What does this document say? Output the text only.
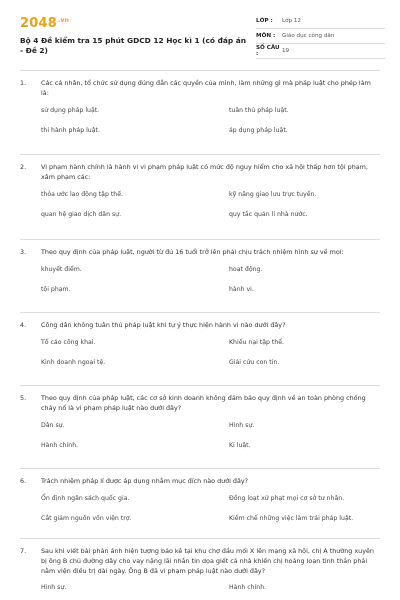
$2048^{.vn}$
Bộ 4 Đề kiểm tra 15 phút GDCD 12 Học kì 1 (có đáp án - Đề 2)
LỚP :	Lớp 12
MÔN :	Giáo dục công dân
SỐ CÂU :	19
1.	Các cá nhân, tổ chức sử dụng đúng đắn các quyền của mình, làm những gì mà pháp luật cho phép làm là:
sử dụng pháp luật.	tuân thủ pháp luật.
thi hành pháp luật.	áp dụng pháp luật.
2.	Vi phạm hành chính là hành vi vi phạm pháp luật có mức độ nguy hiểm cho xã hội thấp hơn tội phạm, xâm phạm các:
thỏa ước lao động tập thể.	kỹ năng giao lưu trực tuyến.
quan hệ giao dịch dân sự.	quy tắc quản lí nhà nước.
3.	Theo quy định của pháp luật, người từ đủ 16 tuổi trở lên phải chịu trách nhiệm hình sự về mọi:
khuyết điểm.	hoạt động.
tội phạm.	hành vi.
4.	Công dân không tuân thủ pháp luật khi tự ý thực hiện hành vi nào dưới đây?
Tố cáo công khai.	Khiếu nại tập thể.
Kinh doanh ngoại tệ.	Giải cứu con tin.
5.	Theo quy định của pháp luật, các cơ sở kinh doanh không đảm bảo quy định về an toàn phòng chống cháy nổ là vi phạm pháp luật nào dưới đây?
Dân sự.	Hình sự.
Hành chính.	Kỉ luật.
6.	Trách nhiệm pháp lí được áp dụng nhằm mục đích nào dưới đây?
Ổn định ngân sách quốc gia.	Đồng loạt xử phạt mọi cơ sở tư nhân.
Cắt giảm nguồn vốn viện trợ.	Kiềm chế những việc làm trái pháp luật.
7.	Sau khi viết bài phản ánh hiện tượng bảo kê tại khu chợ đầu mối X lên mạng xã hội, chị A thường xuyên bị ông B chủ đường dây cho vay nặng lãi nhắn tin dọa giết cả nhà khiến chị hoảng loạn tinh thần phải nằm viện điều trị dài ngày. Ông B đã vi phạm pháp luật nào dưới đây?
Hình sự.	Hành chính.
